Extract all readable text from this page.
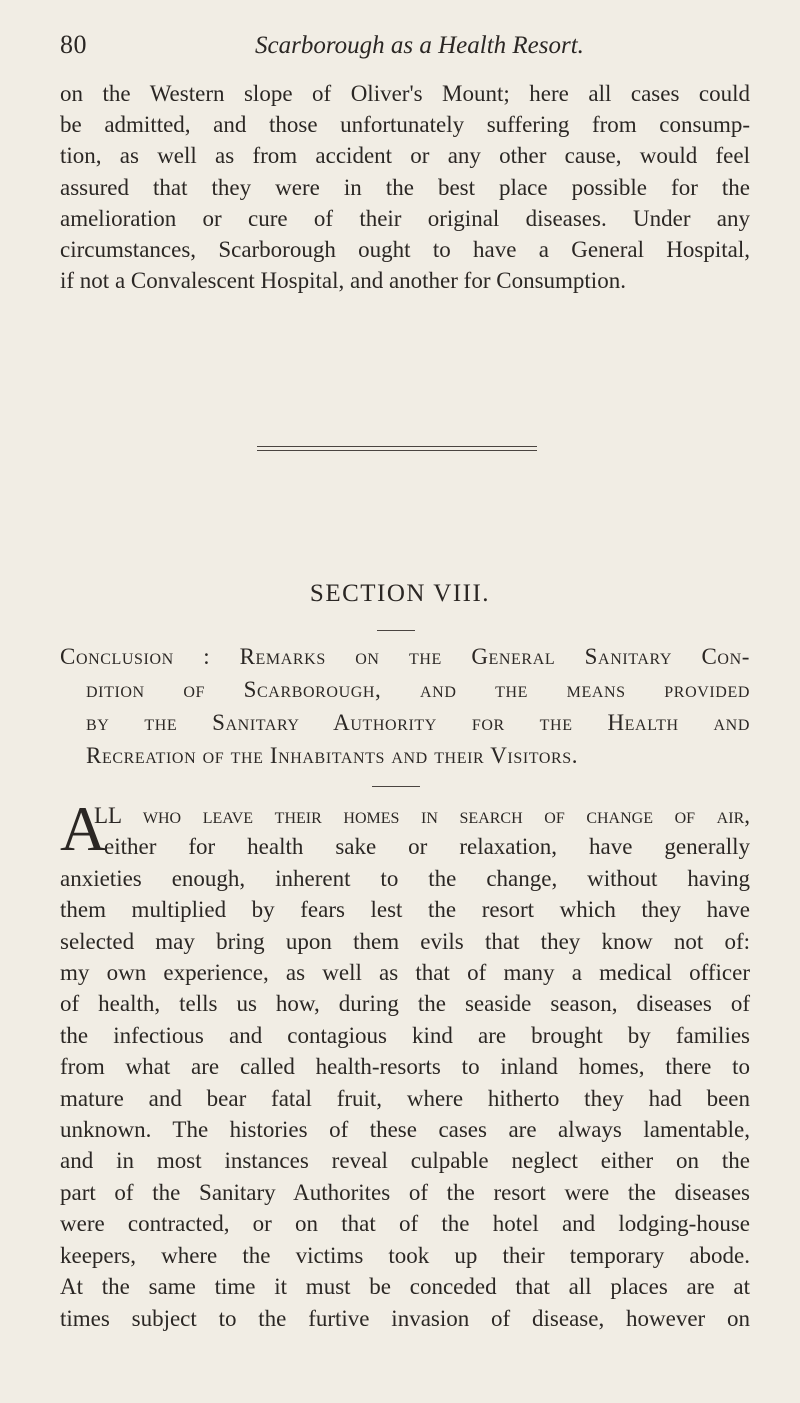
80	Scarborough as a Health Resort.
on the Western slope of Oliver's Mount; here all cases could
be admitted, and those unfortunately suffering from consump-
tion, as well as from accident or any other cause, would feel
assured that they were in the best place possible for the
amelioration or cure of their original diseases. Under any
circumstances, Scarborough ought to have a General Hospital,
if not a Convalescent Hospital, and another for Consumption.
SECTION VIII.
Conclusion : Remarks on the General Sanitary Con-
dition of Scarborough, and the means provided
by the Sanitary Authority for the Health and
Recreation of the Inhabitants and their Visitors.
A
LL who leave their homes in search of change of air,
either for health sake or relaxation, have generally
anxieties enough, inherent to the change, without having
them multiplied by fears lest the resort which they have
selected may bring upon them evils that they know not of:
my own experience, as well as that of many a medical officer
of health, tells us how, during the seaside season, diseases of
the infectious and contagious kind are brought by families
from what are called health-resorts to inland homes, there to
mature and bear fatal fruit, where hitherto they had been
unknown. The histories of these cases are always lamentable,
and in most instances reveal culpable neglect either on the
part of the Sanitary Authorites of the resort were the diseases
were contracted, or on that of the hotel and lodging-house
keepers, where the victims took up their temporary abode.
At the same time it must be conceded that all places are at
times subject to the furtive invasion of disease, however on
